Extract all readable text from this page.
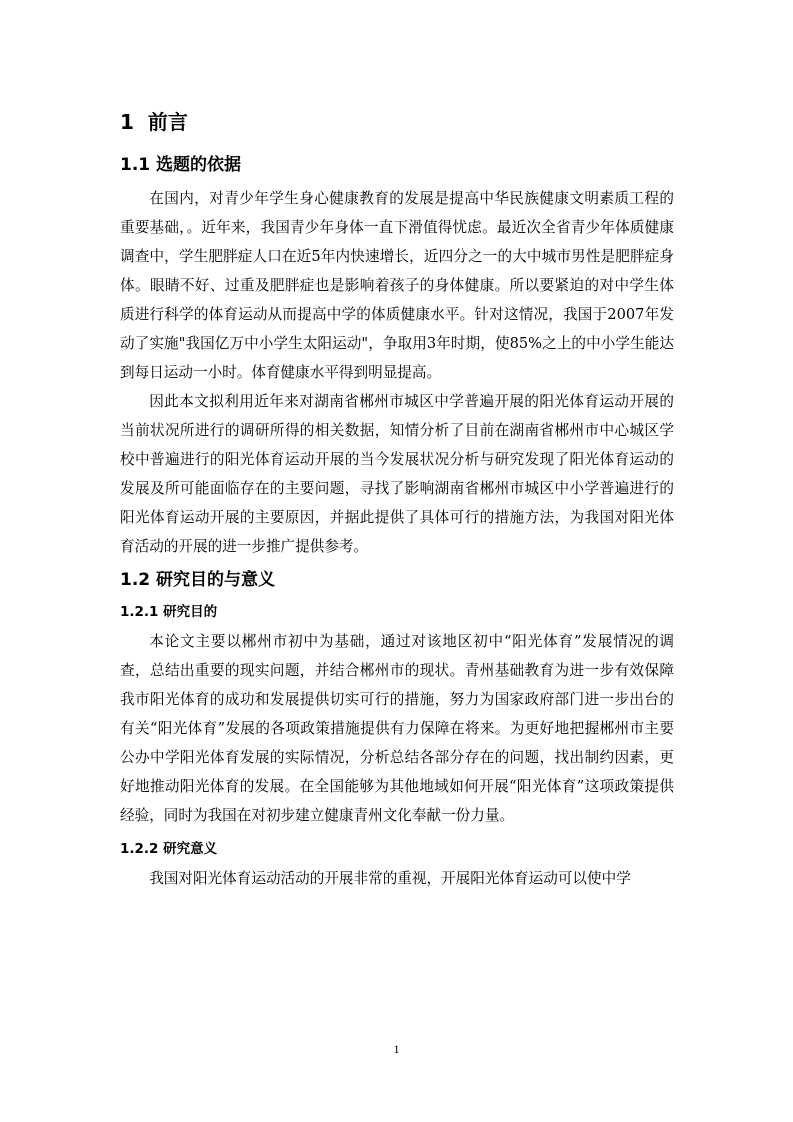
1  前言
1.1 选题的依据

在国内，对青少年学生身心健康教育的发展是提高中华民族健康文明素质工程的重要基础，。近年来，我国青少年身体一直下滑值得忧虑。最近次全省青少年体质健康调查中，学生肥胖症人口在近5年内快速增长，近四分之一的大中城市男性是肥胖症身体。眼睛不好、过重及肥胖症也是影响着孩子的身体健康。所以要紧迫的对中学生体质进行科学的体育运动从而提高中学的体质健康水平。针对这情况，我国于2007年发动了实施"我国亿万中小学生太阳运动"，争取用3年时期，使85%之上的中小学生能达到每日运动一小时。体育健康水平得到明显提高。

因此本文拟利用近年来对湖南省郴州市城区中学普遍开展的阳光体育运动开展的当前状况所进行的调研所得的相关数据，知情分析了目前在湖南省郴州市中心城区学校中普遍进行的阳光体育运动开展的当今发展状况分析与研究发现了阳光体育运动的发展及所可能面临存在的主要问题，寻找了影响湖南省郴州市城区中小学普遍进行的阳光体育运动开展的主要原因，并据此提供了具体可行的措施方法，为我国对阳光体育活动的开展的进一步推广提供参考。

1.2 研究目的与意义
1.2.1 研究目的

本论文主要以郴州市初中为基础，通过对该地区初中“阳光体育”发展情况的调查，总结出重要的现实问题，并结合郴州市的现状。青州基础教育为进一步有效保障我市阳光体育的成功和发展提供切实可行的措施，努力为国家政府部门进一步出台的有关“阳光体育”发展的各项政策措施提供有力保障在将来。为更好地把握郴州市主要公办中学阳光体育发展的实际情况，分析总结各部分存在的问题，找出制约因素，更好地推动阳光体育的发展。在全国能够为其他地域如何开展“阳光体育”这项政策提供经验，同时为我国在对初步建立健康青州文化奉献一份力量。

1.2.2 研究意义

我国对阳光体育运动活动的开展非常的重视，开展阳光体育运动可以使中学

1
